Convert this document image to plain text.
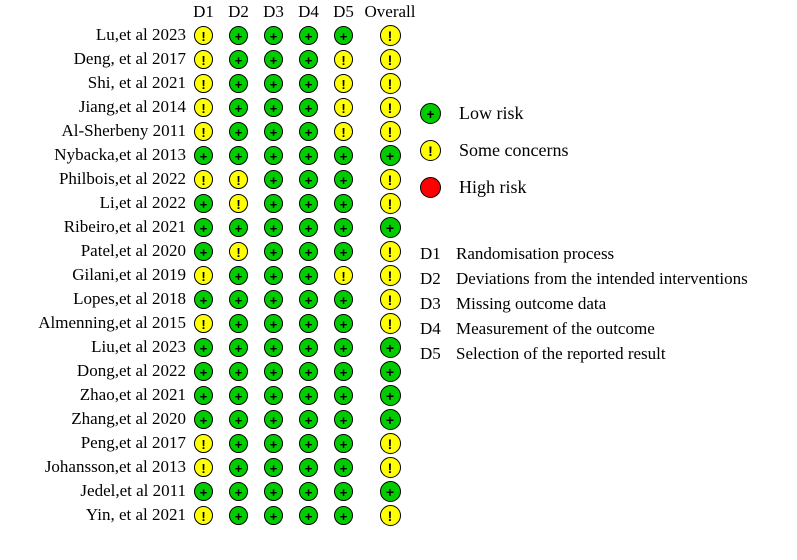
	D1	D2	D3	D4	D5	Overall
Lu,et al 2023	!	+	+	+	+	!
Deng, et al 2017	!	+	+	+	!	!
Shi, et al 2021	!	+	+	+	!	!
Jiang,et al 2014	!	+	+	+	!	!
Al-Sherbeny 2011	!	+	+	+	!	!
Nybacka,et al 2013	+	+	+	+	+	+
Philbois,et al 2022	!	!	+	+	+	!
Li,et al 2022	+	!	+	+	+	!
Ribeiro,et al 2021	+	+	+	+	+	+
Patel,et al 2020	+	!	+	+	+	!
Gilani,et al 2019	!	+	+	+	!	!
Lopes,et al 2018	+	+	+	+	+	!
Almenning,et al 2015	!	+	+	+	+	!
Liu,et al 2023	+	+	+	+	+	+
Dong,et al 2022	+	+	+	+	+	+
Zhao,et al 2021	+	+	+	+	+	+
Zhang,et al 2020	+	+	+	+	+	+
Peng,et al 2017	!	+	+	+	+	!
Johansson,et al 2013	!	+	+	+	+	!
Jedel,et al 2011	+	+	+	+	+	+
Yin, et al 2021	!	+	+	+	+	!
+	Low risk
!	Some concerns
High risk
D1 Randomisation process
D2 Deviations from the intended interventions
D3 Missing outcome data
D4 Measurement of the outcome
D5 Selection of the reported result
